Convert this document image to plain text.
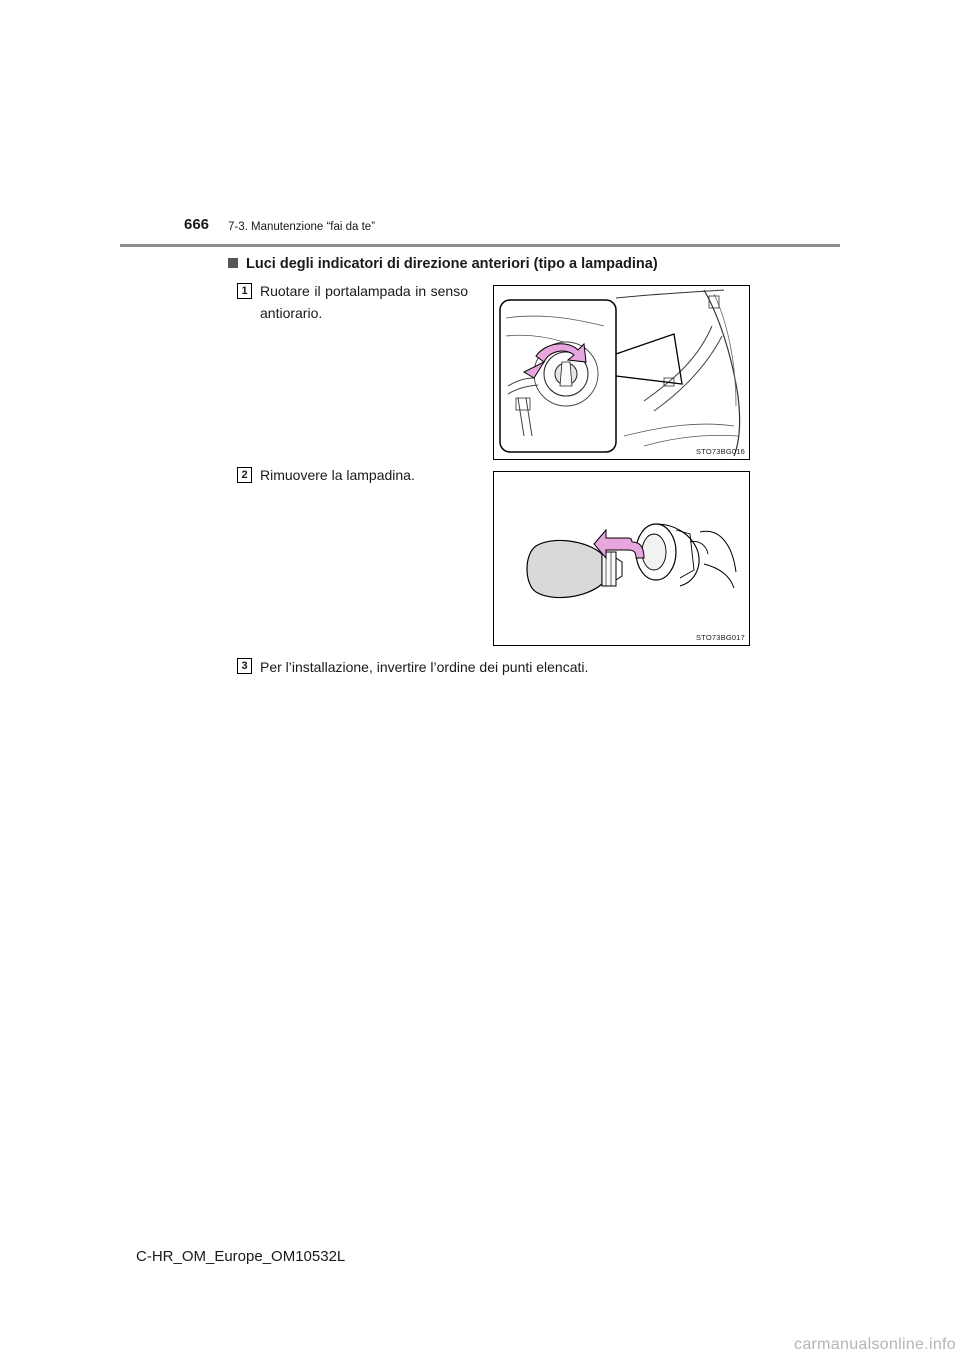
666 7-3. Manutenzione “fai da te”
Luci degli indicatori di direzione anteriori (tipo a lampadina)
1 Ruotare il portalampada in senso antiorario.
STO73BG016
2 Rimuovere la lampadina.
STO73BG017
3 Per l’installazione, invertire l’ordine dei punti elencati.
C-HR_OM_Europe_OM10532L
carmanualsonline.info
